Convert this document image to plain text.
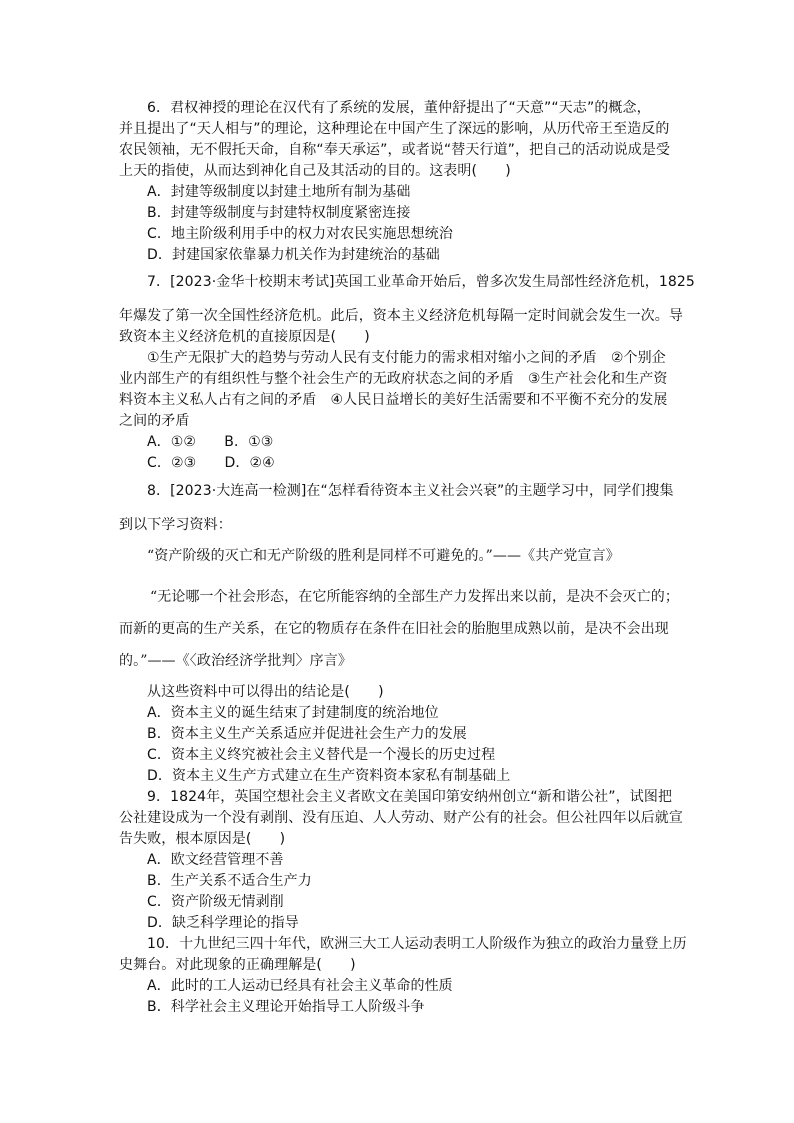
6．君权神授的理论在汉代有了系统的发展，董仲舒提出了“天意”“天志”的概念，
并且提出了“天人相与”的理论，这种理论在中国产生了深远的影响，从历代帝王至造反的
农民领袖，无不假托天命，自称“奉天承运”，或者说“替天行道”，把自己的活动说成是受
上天的指使，从而达到神化自己及其活动的目的。这表明(　　)
A．封建等级制度以封建土地所有制为基础
B．封建等级制度与封建特权制度紧密连接
C．地主阶级利用手中的权力对农民实施思想统治
D．封建国家依靠暴力机关作为封建统治的基础
7．[2023·金华十校期末考试]英国工业革命开始后，曾多次发生局部性经济危机，1825
年爆发了第一次全国性经济危机。此后，资本主义经济危机每隔一定时间就会发生一次。导
致资本主义经济危机的直接原因是(　　)
①生产无限扩大的趋势与劳动人民有支付能力的需求相对缩小之间的矛盾　②个别企
业内部生产的有组织性与整个社会生产的无政府状态之间的矛盾　③生产社会化和生产资
料资本主义私人占有之间的矛盾　④人民日益增长的美好生活需要和不平衡不充分的发展
之间的矛盾
A．①②　　B．①③
C．②③　　D．②④
8．[2023·大连高一检测]在“怎样看待资本主义社会兴衰”的主题学习中，同学们搜集
到以下学习资料：
“资产阶级的灭亡和无产阶级的胜利是同样不可避免的。”——《共产党宣言》
“无论哪一个社会形态，在它所能容纳的全部生产力发挥出来以前，是决不会灭亡的；
而新的更高的生产关系，在它的物质存在条件在旧社会的胎胞里成熟以前，是决不会出现
的。”——《〈政治经济学批判〉序言》
从这些资料中可以得出的结论是(　　)
A．资本主义的诞生结束了封建制度的统治地位
B．资本主义生产关系适应并促进社会生产力的发展
C．资本主义终究被社会主义替代是一个漫长的历史过程
D．资本主义生产方式建立在生产资料资本家私有制基础上
9．1824年，英国空想社会主义者欧文在美国印第安纳州创立“新和谐公社”，试图把
公社建设成为一个没有剥削、没有压迫、人人劳动、财产公有的社会。但公社四年以后就宣
告失败，根本原因是(　　)
A．欧文经营管理不善
B．生产关系不适合生产力
C．资产阶级无情剥削
D．缺乏科学理论的指导
10．十九世纪三四十年代，欧洲三大工人运动表明工人阶级作为独立的政治力量登上历
史舞台。对此现象的正确理解是(　　)
A．此时的工人运动已经具有社会主义革命的性质
B．科学社会主义理论开始指导工人阶级斗争
